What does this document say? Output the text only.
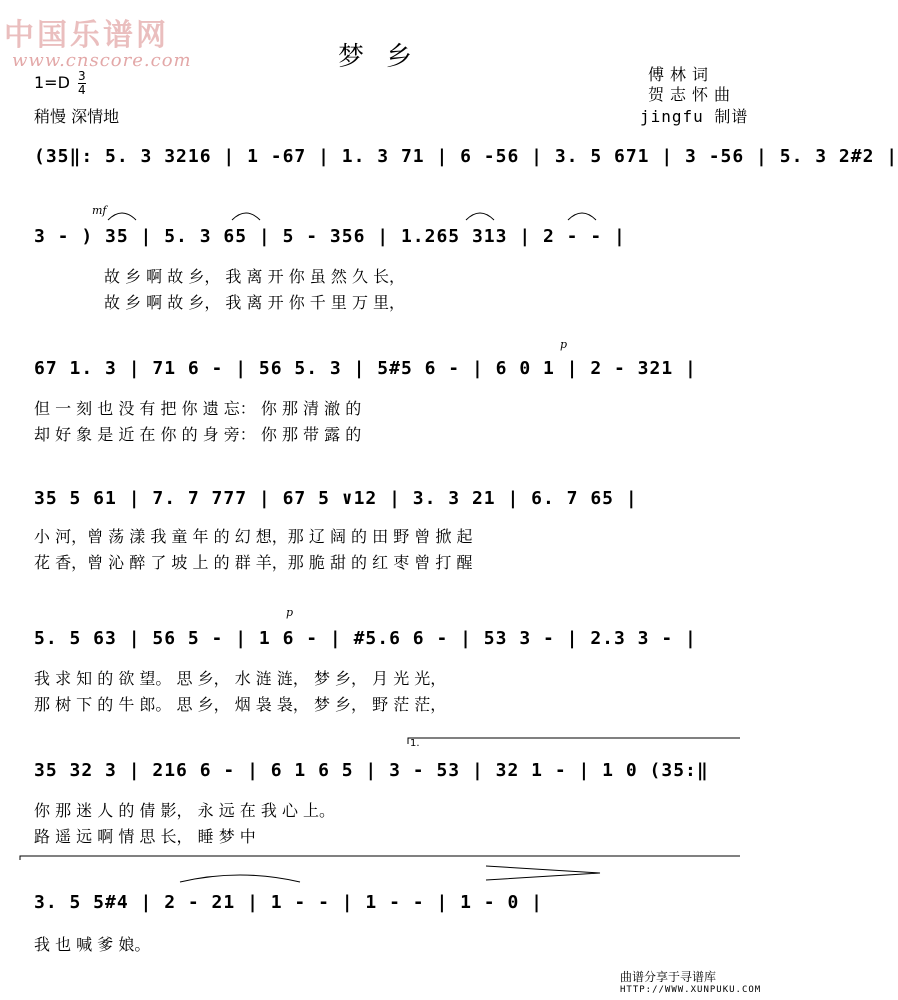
中国乐谱网
www.cnscore.com	梦乡
傅林词
贺志怀曲
$1=D \frac{3}{4}$
稍慢 深情地	jingfu 制谱
(35‖: 5. 3 3216 | 1 -67 | 1. 3 71 | 6 -56 | 3. 5 671 | 3 -56 | 5. 3 2#2 |
mf
3 - ) 35 | 5. 3 65 | 5 - 356 | 1.265 313 | 2 - - |
故 乡 啊 故 乡， 我 离 开 你 虽 然 久 长，
故 乡 啊 故 乡， 我 离 开 你 千 里 万 里，
p
67 1. 3 | 71 6 - | 56 5. 3 | 5#5 6 - | 6 0 1 | 2 - 321 |
但 一 刻 也 没 有 把 你 遗 忘： 你 那 清 澈 的
却 好 象 是 近 在 你 的 身 旁： 你 那 带 露 的
35 5 61 | 7. 7 777 | 67 5 ∨12 | 3. 3 21 | 6. 7 65 |
小 河，曾 荡 漾 我 童 年 的 幻 想，那 辽 阔 的 田 野 曾 掀 起
花 香，曾 沁 醉 了 坡 上 的 群 羊，那 脆 甜 的 红 枣 曾 打 醒
p
5. 5 63 | 56 5 - | 1 6 - | #5.6 6 - | 53 3 - | 2.3 3 - |
我 求 知 的 欲 望。 思 乡， 水 涟 涟， 梦 乡， 月 光 光，
那 树 下 的 牛 郎。 思 乡， 烟 袅 袅， 梦 乡， 野 茫 茫，
1.
35 32 3 | 216 6 - | 6 1 6 5 | 3 - 53 | 32 1 - | 1 0 (35:‖
你 那 迷 人 的 倩 影， 永 远 在 我 心 上。
路 遥 远 啊 情 思 长， 睡 梦 中
3. 5 5#4 | 2 - 21 | 1 - - | 1 - - | 1 - 0 |
我 也 喊 爹 娘。
曲谱分享于寻谱库
HTTP://WWW.XUNPUKU.COM
